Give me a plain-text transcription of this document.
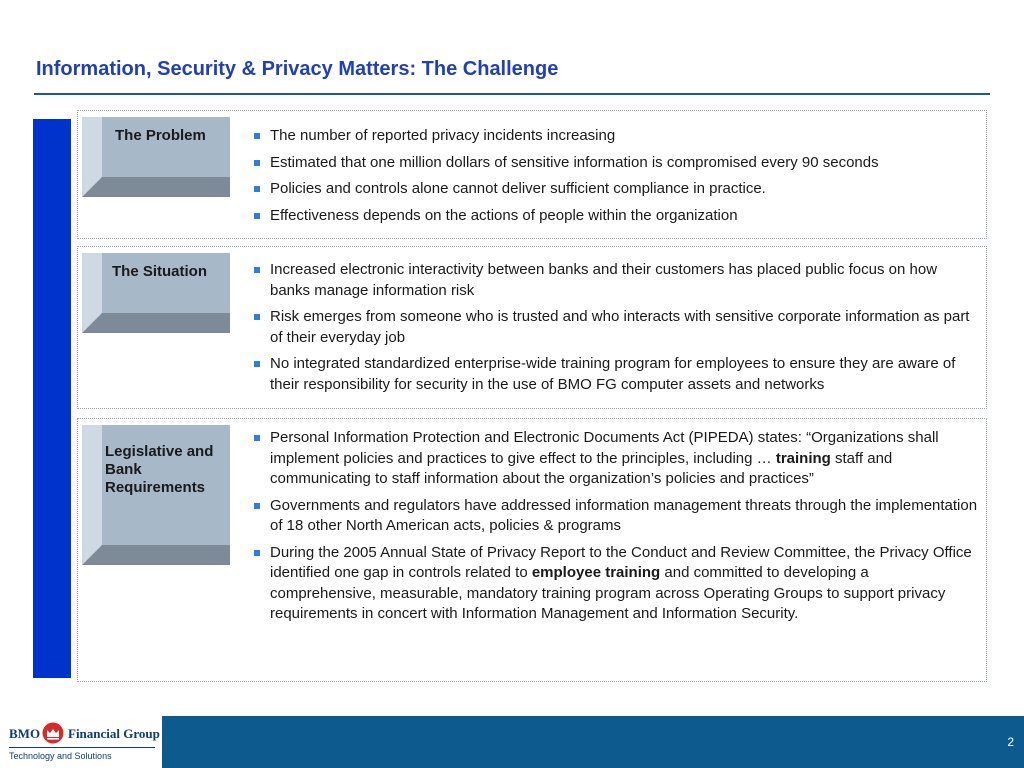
Information, Security & Privacy Matters: The Challenge
The Problem	The number of reported privacy incidents increasing
Estimated that one million dollars of sensitive information is compromised every 90 seconds
Policies and controls alone cannot deliver sufficient compliance in practice.
Effectiveness depends on the actions of people within the organization
The Situation	Increased electronic interactivity between banks and their customers has placed public focus on how banks manage information risk
Risk emerges from someone who is trusted and who interacts with sensitive corporate information as part of their everyday job
No integrated standardized enterprise-wide training program for employees to ensure they are aware of their responsibility for security in the use of BMO FG computer assets and networks
Legislative and Bank Requirements
Personal Information Protection and Electronic Documents Act (PIPEDA) states: “Organizations shall implement policies and practices to give effect to the principles, including … training staff and communicating to staff information about the organization’s policies and practices”
Governments and regulators have addressed information management threats through the implementation of 18 other North American acts, policies & programs
During the 2005 Annual State of Privacy Report to the Conduct and Review Committee, the Privacy Office identified one gap in controls related to employee training and committed to developing a comprehensive, measurable, mandatory training program across Operating Groups to support privacy requirements in concert with Information Management and Information Security.
BMO Financial Group
Technology and Solutions
2
